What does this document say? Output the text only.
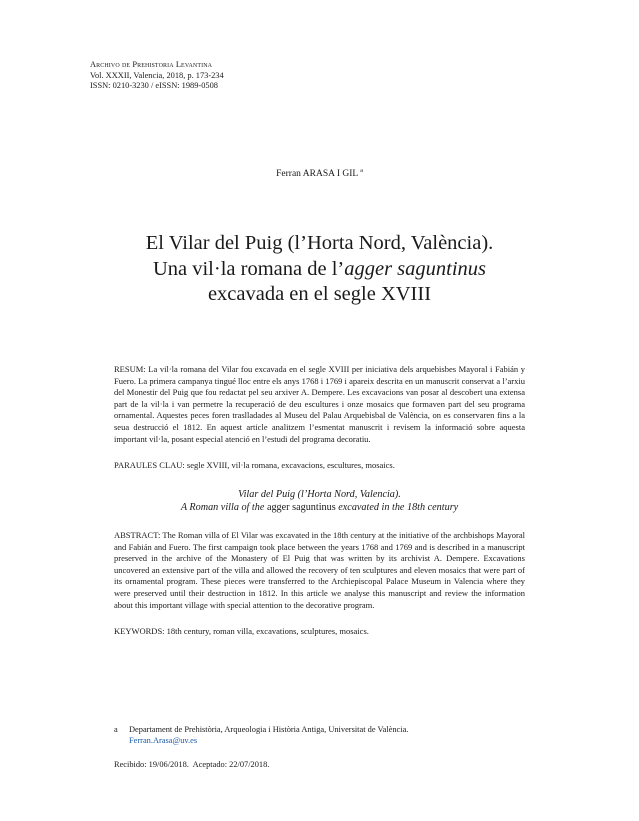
Archivo de Prehistoria Levantina
Vol. XXXII, Valencia, 2018, p. 173-234
ISSN: 0210-3230 / eISSN: 1989-0508
Ferran ARASA I GIL $^a$
El Vilar del Puig (l’Horta Nord, València).
Una vil·la romana de l’agger saguntinus
excavada en el segle XVIII

RESUM: La vil·la romana del Vilar fou excavada en el segle XVIII per iniciativa dels arquebisbes Mayoral i Fabián y Fuero. La primera campanya tingué lloc entre els anys 1768 i 1769 i apareix descrita en un manuscrit conservat a l’arxiu del Monestir del Puig que fou redactat pel seu arxiver A. Dempere. Les excavacions van posar al descobert una extensa part de la vil·la i van permetre la recuperació de deu escultures i onze mosaics que formaven part del seu programa ornamental. Aquestes peces foren traslladades al Museu del Palau Arquebisbal de València, on es conservaren fins a la seua destrucció el 1812. En aquest article analitzem l’esmentat manuscrit i revisem la informació sobre aquesta important vil·la, posant especial atenció en l’estudi del programa decoratiu.

PARAULES CLAU: segle XVIII, vil·la romana, excavacions, escultures, mosaics.
Vilar del Puig (l’Horta Nord, Valencia).
A Roman villa of the agger saguntinus excavated in the 18th century

ABSTRACT: The Roman villa of El Vilar was excavated in the 18th century at the initiative of the archbishops Mayoral and Fabián and Fuero. The first campaign took place between the years 1768 and 1769 and is described in a manuscript preserved in the archive of the Monastery of El Puig that was written by its archivist A. Dempere. Excavations uncovered an extensive part of the villa and allowed the recovery of ten sculptures and eleven mosaics that were part of its ornamental program. These pieces were transferred to the Archiepiscopal Palace Museum in Valencia where they were preserved until their destruction in 1812. In this article we analyse this manuscript and review the information about this important village with special attention to the decorative program.

KEYWORDS: 18th century, roman villa, excavations, sculptures, mosaics.
a Departament de Prehistòria, Arqueologia i Història Antiga, Universitat de València.
Ferran.Arasa@uv.es
Recibido: 19/06/2018. Aceptado: 22/07/2018.
